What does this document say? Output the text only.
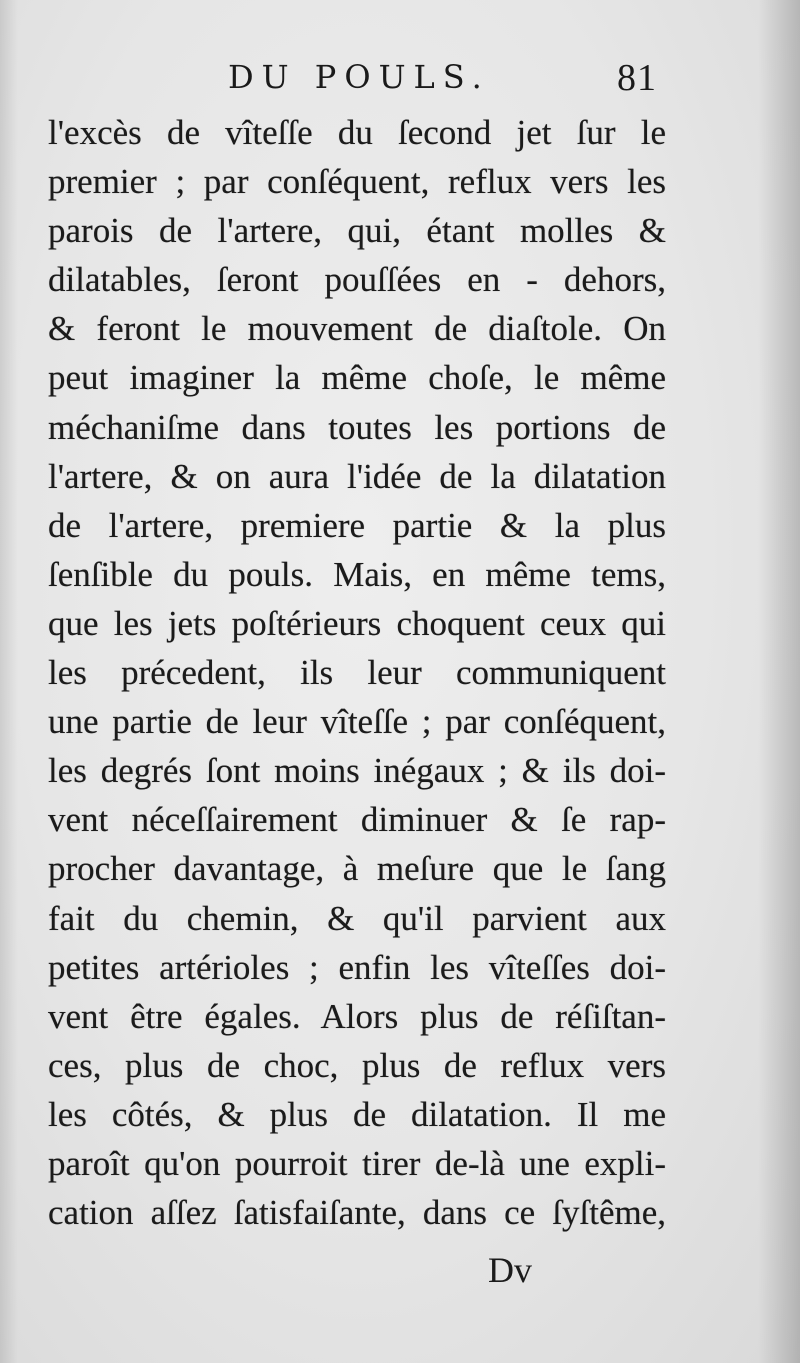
DU POULS.	81
l'excès de vîteſſe du ſecond jet ſur le
premier ; par conſéquent, reflux vers les
parois de l'artere, qui, étant molles &
dilatables, ſeront pouſſées en - dehors,
& feront le mouvement de diaſtole. On
peut imaginer la même choſe, le même
méchaniſme dans toutes les portions de
l'artere, & on aura l'idée de la dilatation
de l'artere, premiere partie & la plus
ſenſible du pouls. Mais, en même tems,
que les jets poſtérieurs choquent ceux qui
les précedent, ils leur communiquent
une partie de leur vîteſſe ; par conſéquent,
les degrés ſont moins inégaux ; & ils doi-
vent néceſſairement diminuer & ſe rap-
procher davantage, à meſure que le ſang
fait du chemin, & qu'il parvient aux
petites artérioles ; enfin les vîteſſes doi-
vent être égales. Alors plus de réſiſtan-
ces, plus de choc, plus de reflux vers
les côtés, & plus de dilatation. Il me
paroît qu'on pourroit tirer de-là une expli-
cation aſſez ſatisfaiſante, dans ce ſyſtême,
Dv
